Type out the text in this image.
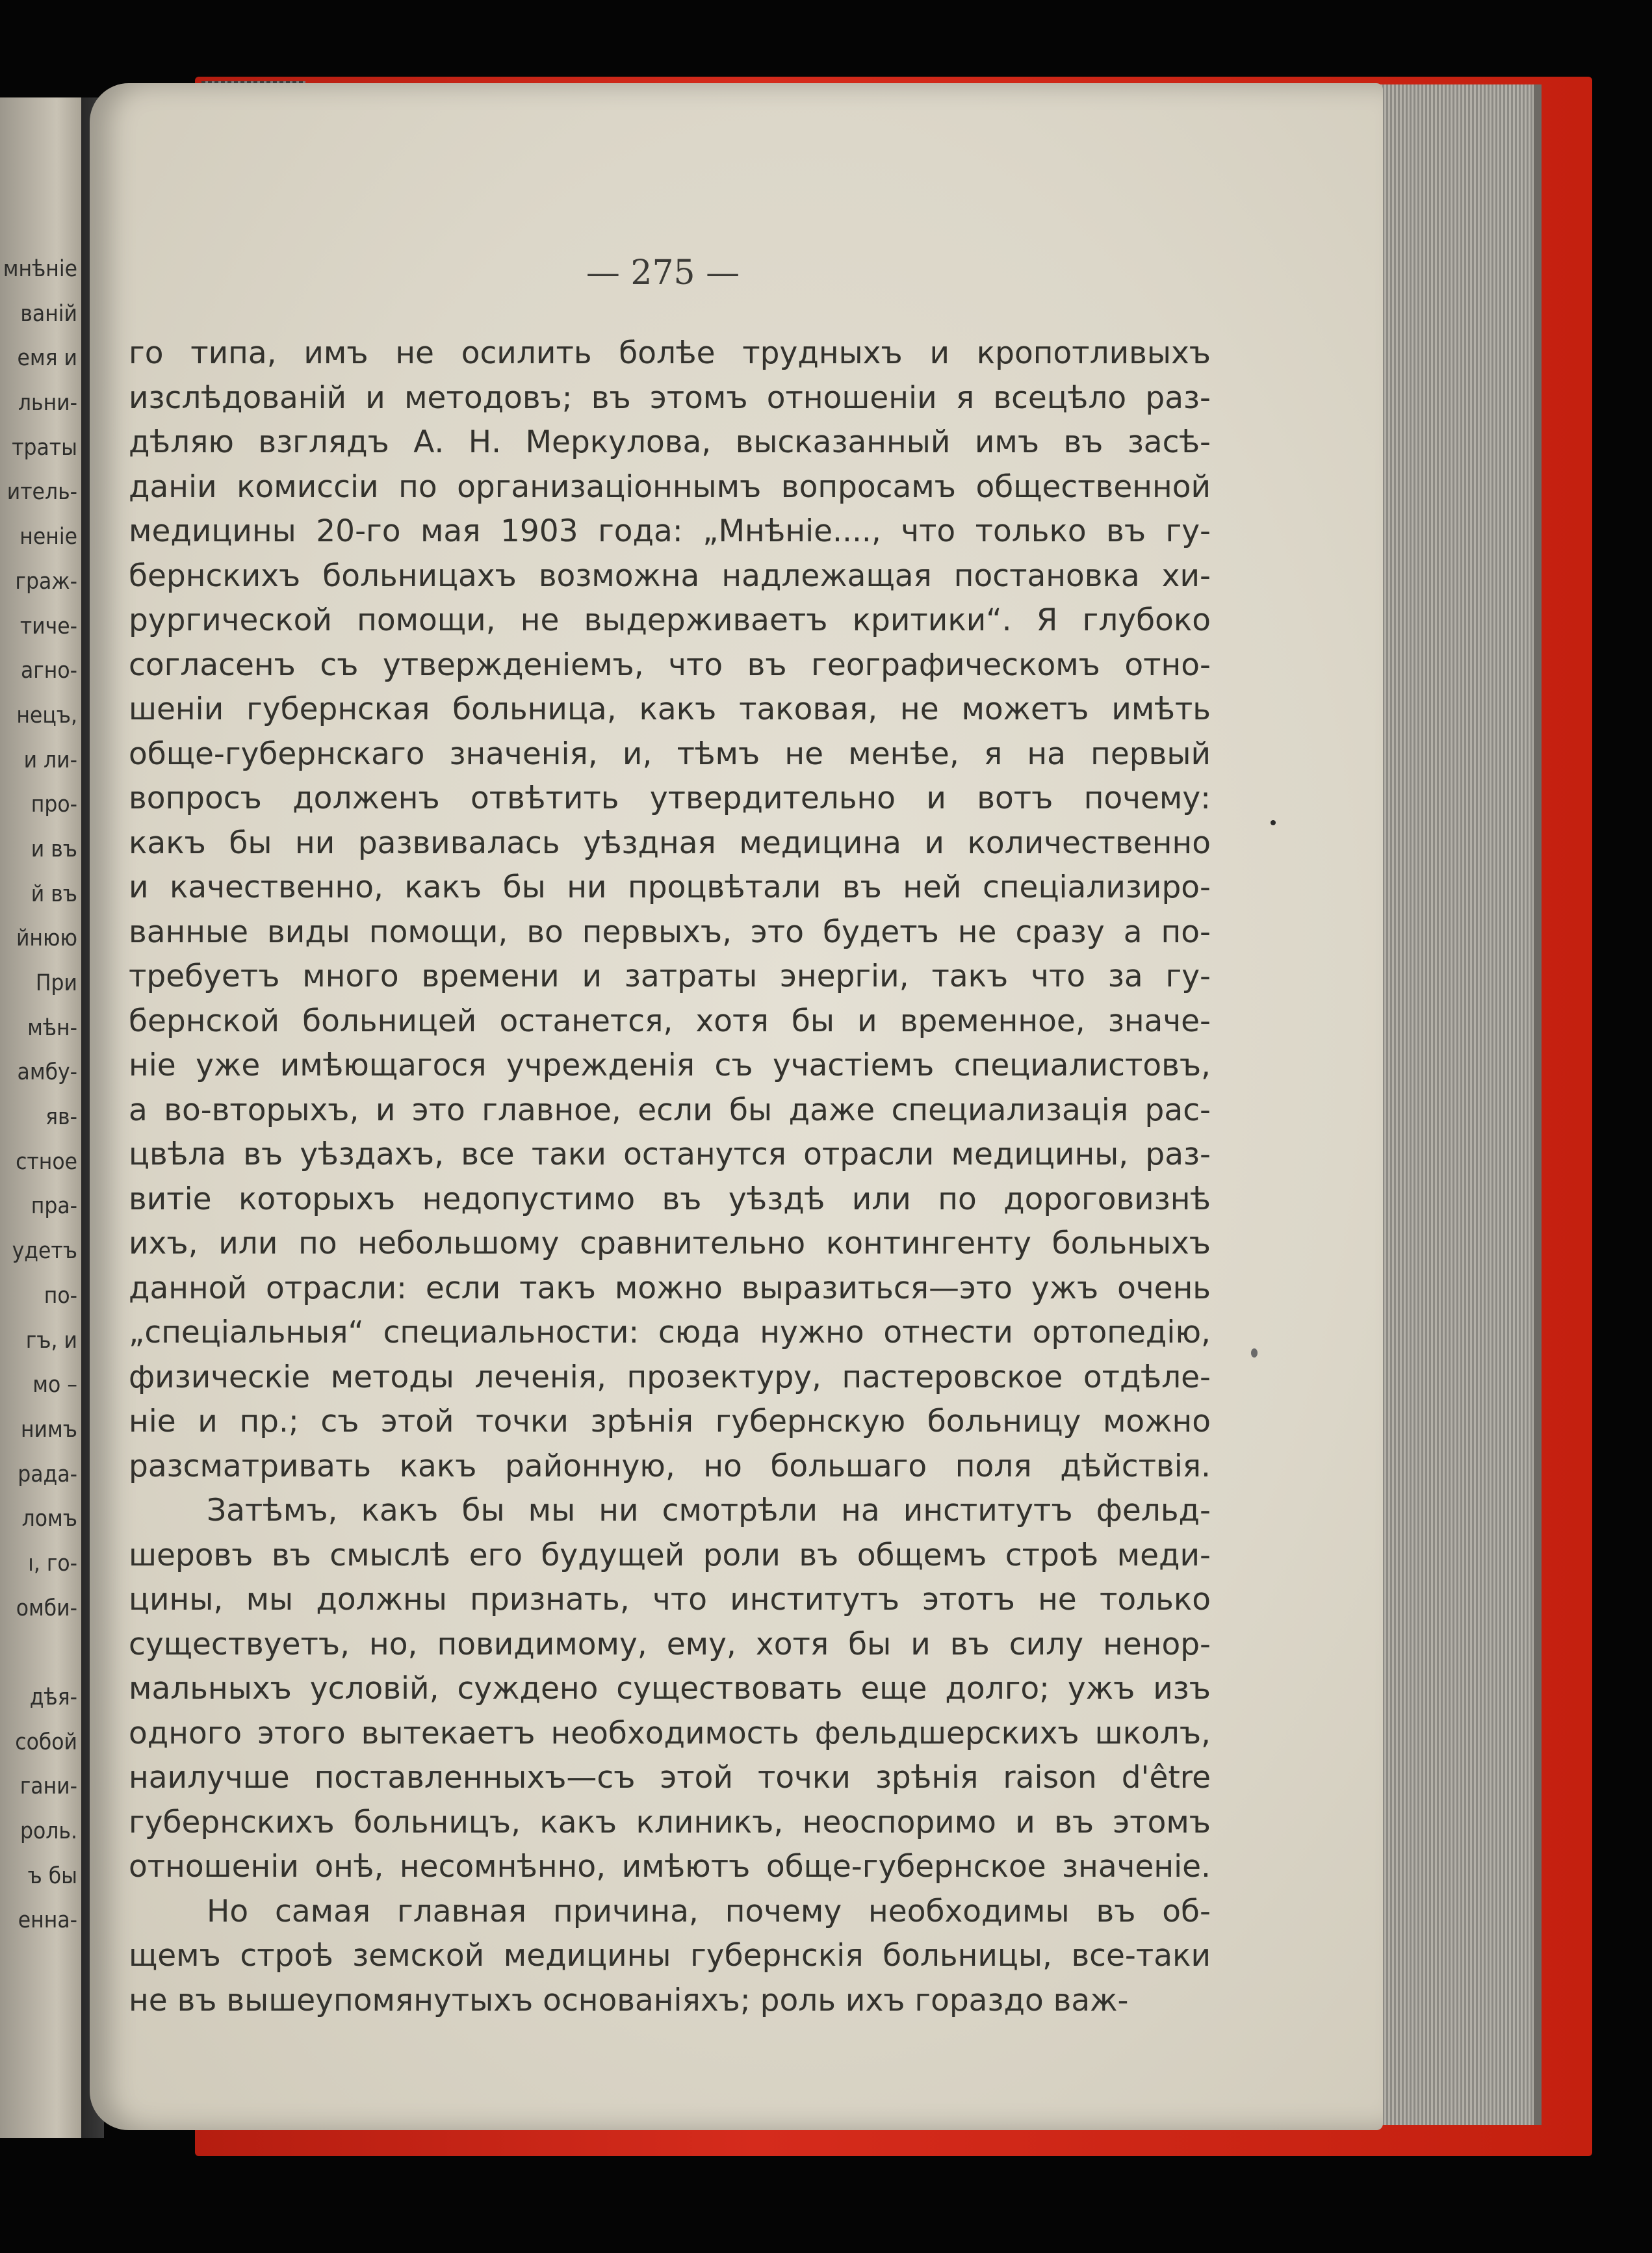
мнѣніе
ваній
емя и
льни-
траты
итель-
неніе
граж-
тиче-
агно-
нецъ,
и ли-
про-
и въ
й въ
йнюю
При
мѣн-
амбу-
яв-
стное
пра-
удетъ
по-
гъ, и
мо –
нимъ
рада-
ломъ
ı, го-
омби-
дѣя-
собой
гани-
роль.
ъ бы
енна-
— 275 —
го типа, имъ не осилить болѣе трудныхъ и кропотливыхъ
изслѣдованій и методовъ; въ этомъ отношеніи я всецѣло раз-
дѣляю взглядъ А. Н. Меркулова, высказанный имъ въ засѣ-
даніи комиссіи по организаціоннымъ вопросамъ общественной
медицины 20-го мая 1903 года: „Мнѣніе...., что только въ гу-
бернскихъ больницахъ возможна надлежащая постановка хи-
рургической помощи, не выдерживаетъ критики“. Я глубоко
согласенъ съ утвержденіемъ, что въ географическомъ отно-
шеніи губернская больница, какъ таковая, не можетъ имѣть
обще-губернскаго значенія, и, тѣмъ не менѣе, я на первый
вопросъ долженъ отвѣтить утвердительно и вотъ почему:
какъ бы ни развивалась уѣздная медицина и количественно
и качественно, какъ бы ни процвѣтали въ ней спеціализиро-
ванные виды помощи, во первыхъ, это будетъ не сразу а по-
требуетъ много времени и затраты энергіи, такъ что за гу-
бернской больницей останется, хотя бы и временное, значе-
ніе уже имѣющагося учрежденія съ участіемъ специалистовъ,
а во-вторыхъ, и это главное, если бы даже специализація рас-
цвѣла въ уѣздахъ, все таки останутся отрасли медицины, раз-
витіе которыхъ недопустимо въ уѣздѣ или по дороговизнѣ
ихъ, или по небольшому сравнительно контингенту больныхъ
данной отрасли: если такъ можно выразиться—это ужъ очень
„спеціальныя“ специальности: сюда нужно отнести ортопедію,
физическіе методы леченія, прозектуру, пастеровское отдѣле-
ніе и пр.; съ этой точки зрѣнія губернскую больницу можно
разсматривать какъ районную, но большаго поля дѣйствія.
Затѣмъ, какъ бы мы ни смотрѣли на институтъ фельд-
шеровъ въ смыслѣ его будущей роли въ общемъ строѣ меди-
цины, мы должны признать, что институтъ этотъ не только
существуетъ, но, повидимому, ему, хотя бы и въ силу ненор-
мальныхъ условій, суждено существовать еще долго; ужъ изъ
одного этого вытекаетъ необходимость фельдшерскихъ школъ,
наилучше поставленныхъ—съ этой точки зрѣнія raison d'être
губернскихъ больницъ, какъ клиникъ, неоспоримо и въ этомъ
отношеніи онѣ, несомнѣнно, имѣютъ обще-губернское значеніе.
Но самая главная причина, почему необходимы въ об-
щемъ строѣ земской медицины губернскія больницы, все-таки
не въ вышеупомянутыхъ основаніяхъ; роль ихъ гораздо важ-
